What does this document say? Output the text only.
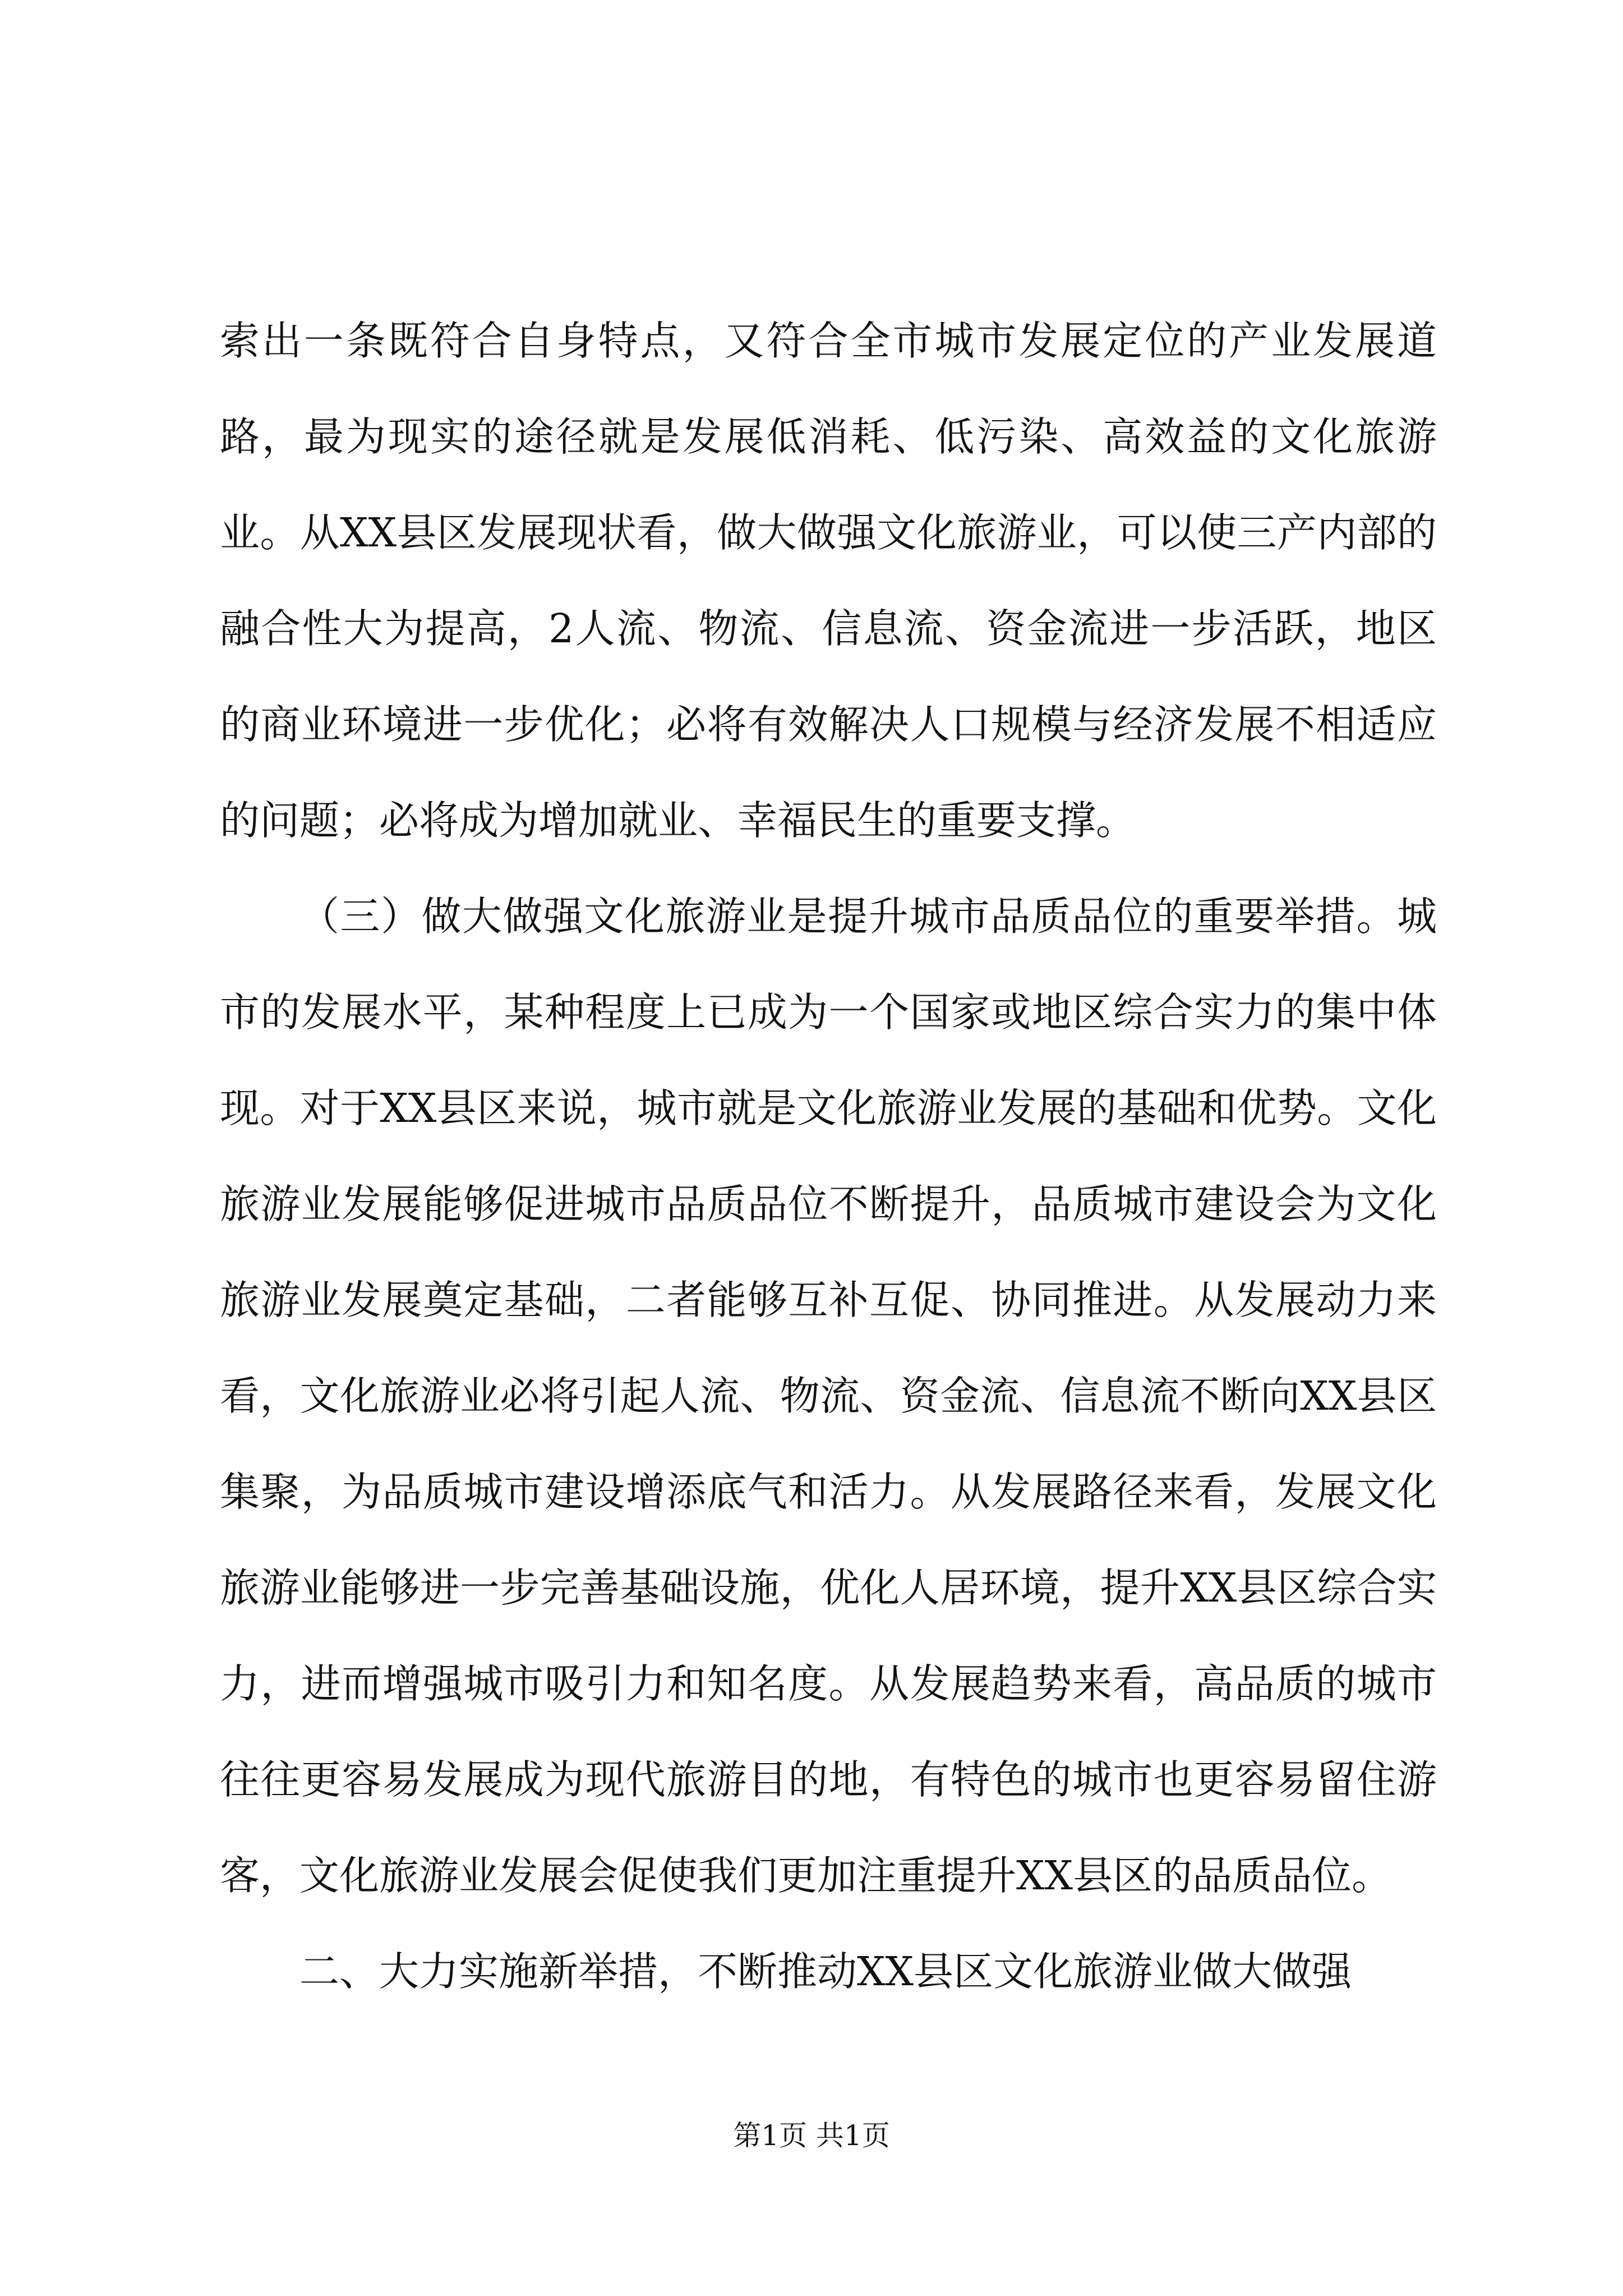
索出一条既符合自身特点，又符合全市城市发展定位的产业发展道路，最为现实的途径就是发展低消耗、低污染、高效益的文化旅游业。从XX县区发展现状看，做大做强文化旅游业，可以使三产内部的融合性大为提高，2人流、物流、信息流、资金流进一步活跃，地区的商业环境进一步优化；必将有效解决人口规模与经济发展不相适应的问题；必将成为增加就业、幸福民生的重要支撑。

（三）做大做强文化旅游业是提升城市品质品位的重要举措。城市的发展水平，某种程度上已成为一个国家或地区综合实力的集中体现。对于XX县区来说，城市就是文化旅游业发展的基础和优势。文化旅游业发展能够促进城市品质品位不断提升，品质城市建设会为文化旅游业发展奠定基础，二者能够互补互促、协同推进。从发展动力来看，文化旅游业必将引起人流、物流、资金流、信息流不断向XX县区集聚，为品质城市建设增添底气和活力。从发展路径来看，发展文化旅游业能够进一步完善基础设施，优化人居环境，提升XX县区综合实力，进而增强城市吸引力和知名度。从发展趋势来看，高品质的城市往往更容易发展成为现代旅游目的地，有特色的城市也更容易留住游客，文化旅游业发展会促使我们更加注重提升XX县区的品质品位。

二、大力实施新举措，不断推动XX县区文化旅游业做大做强

第1页 共1页
